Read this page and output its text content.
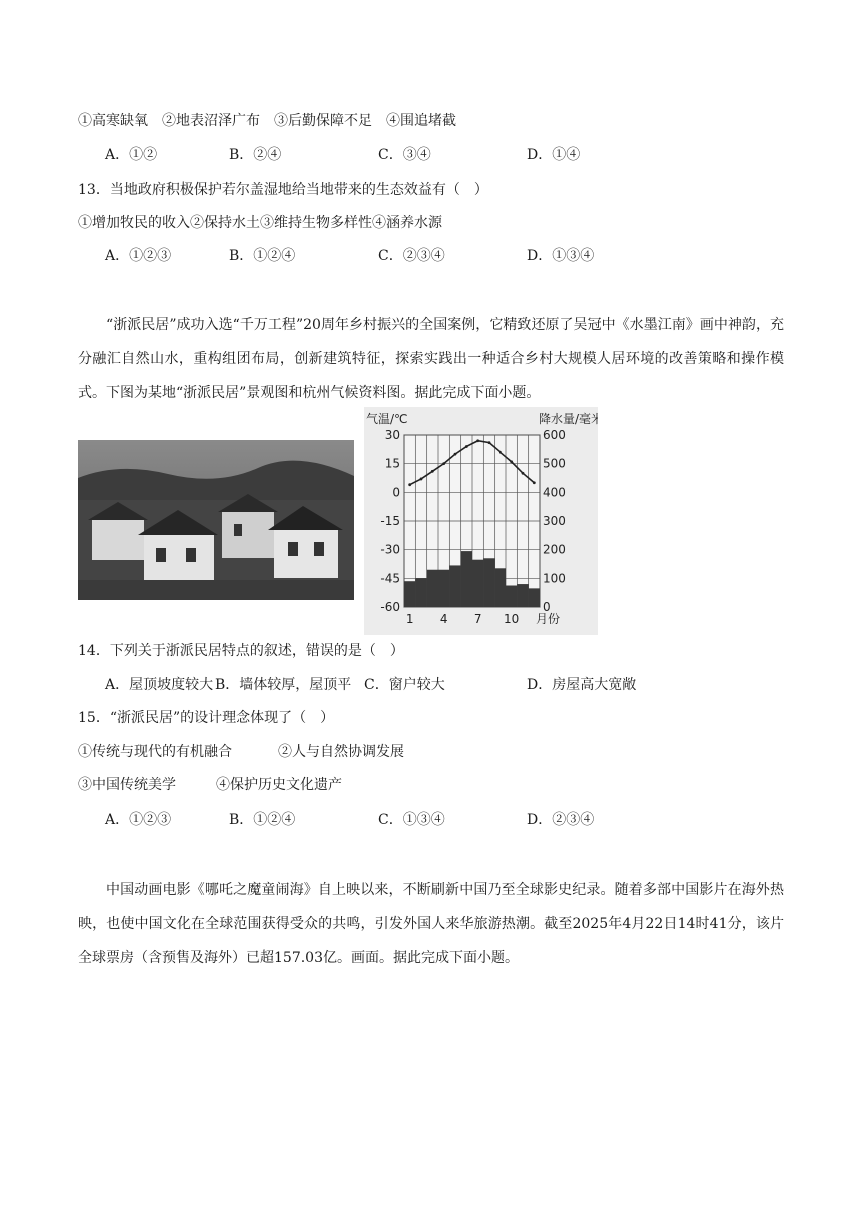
①高寒缺氧　②地表沼泽广布　③后勤保障不足　④围追堵截
A．①②	B．②④	C．③④	D．①④
13．当地政府积极保护若尔盖湿地给当地带来的生态效益有（　）
①增加牧民的收入②保持水土③维持生物多样性④涵养水源
A．①②③	B．①②④	C．②③④	D．①③④
“浙派民居”成功入选“千万工程”20周年乡村振兴的全国案例，它精致还原了吴冠中《水墨江南》画中神韵，充分融汇自然山水，重构组团布局，创新建筑特征，探索实践出一种适合乡村大规模人居环境的改善策略和操作模式。下图为某地“浙派民居”景观图和杭州气候资料图。据此完成下面小题。
气温/℃	降水量/毫米
30	600
15	500
0	400
-15	300
-30	200
-45	100
-60	0
1 4 7 10 月份
14．下列关于浙派民居特点的叙述，错误的是（　）
A．屋顶坡度较大 B．墙体较厚，屋顶平 C．窗户较大	D．房屋高大宽敞
15．“浙派民居”的设计理念体现了（　）
①传统与现代的有机融合	②人与自然协调发展
③中国传统美学	④保护历史文化遗产
A．①②③	B．①②④	C．①③④	D．②③④
中国动画电影《哪吒之魔童闹海》自上映以来，不断刷新中国乃至全球影史纪录。随着多部中国影片在海外热映，也使中国文化在全球范围获得受众的共鸣，引发外国人来华旅游热潮。截至2025年4月22日14时41分，该片全球票房（含预售及海外）已超157.03亿。画面。据此完成下面小题。
